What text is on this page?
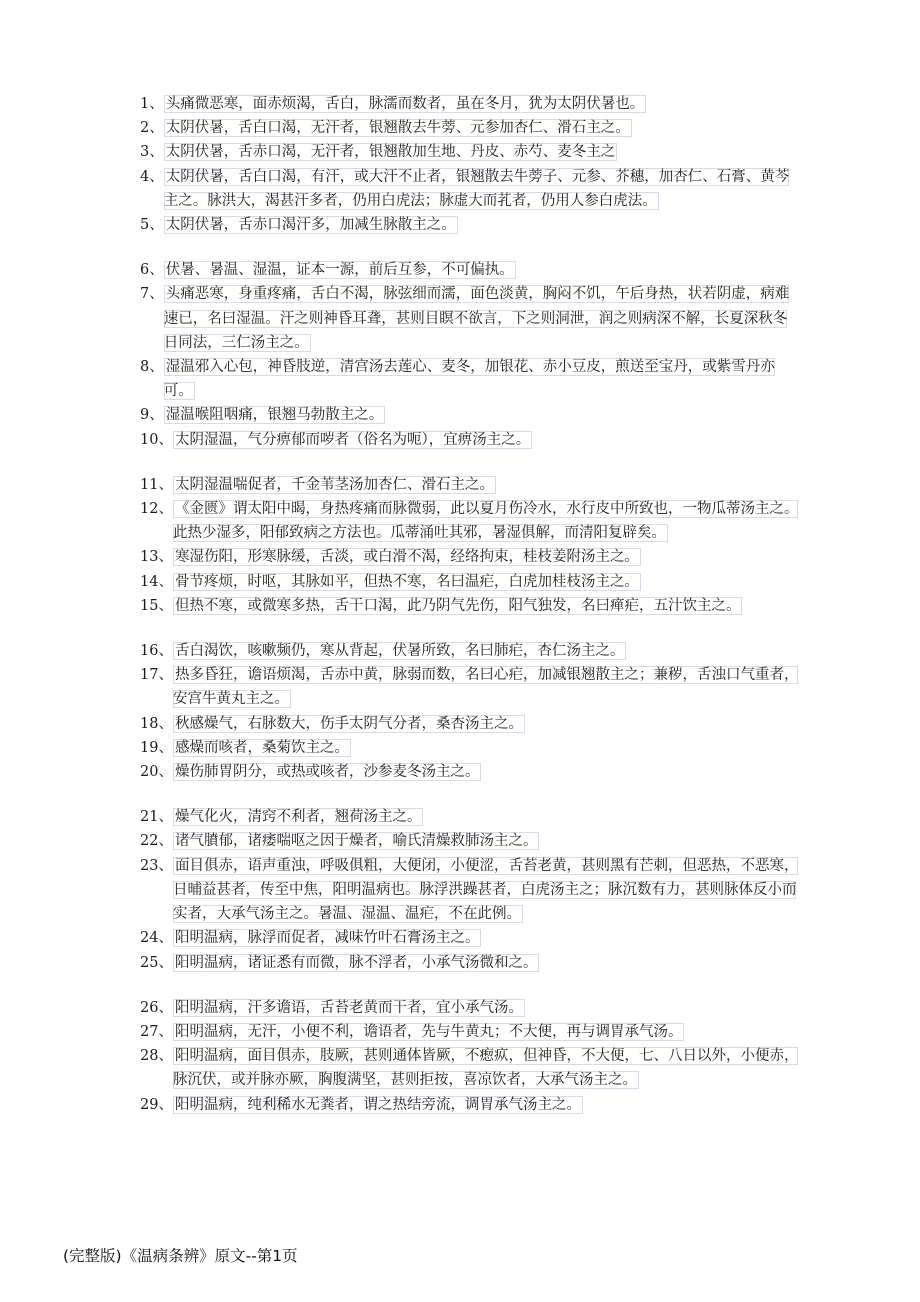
1、 头痛微恶寒，面赤烦渴，舌白，脉濡而数者，虽在冬月，犹为太阴伏暑也。
2、 太阴伏暑，舌白口渴，无汗者，银翘散去牛蒡、元参加杏仁、滑石主之。
3、 太阴伏暑，舌赤口渴，无汗者，银翘散加生地、丹皮、赤芍、麦冬主之
4、 太阴伏暑，舌白口渴，有汗，或大汗不止者，银翘散去牛蒡子、元参、芥穗，加杏仁、石膏、黄芩主之。脉洪大，渴甚汗多者，仍用白虎法；脉虚大而芤者，仍用人参白虎法。
5、 太阴伏暑，舌赤口渴汗多，加减生脉散主之。
6、 伏暑、暑温、湿温，证本一源，前后互参，不可偏执。
7、 头痛恶寒，身重疼痛，舌白不渴，脉弦细而濡，面色淡黄，胸闷不饥，午后身热，状若阴虚，病难速已，名曰湿温。汗之则神昏耳聋，甚则目瞑不欲言，下之则洞泄，润之则病深不解，长夏深秋冬日同法，三仁汤主之。
8、 湿温邪入心包，神昏肢逆，清宫汤去莲心、麦冬，加银花、赤小豆皮，煎送至宝丹，或紫雪丹亦可。
9、 湿温喉阻咽痛，银翘马勃散主之。
10、 太阴湿温，气分痹郁而哕者（俗名为呃），宜痹汤主之。
11、 太阴湿温喘促者，千金苇茎汤加杏仁、滑石主之。
12、 《金匮》谓太阳中暍，身热疼痛而脉微弱，此以夏月伤冷水，水行皮中所致也，一物瓜蒂汤主之。此热少湿多，阳郁致病之方法也。瓜蒂涌吐其邪，暑湿俱解，而清阳复辟矣。
13、 寒湿伤阳，形寒脉缓，舌淡，或白滑不渴，经络拘束，桂枝姜附汤主之。
14、 骨节疼烦，时呕，其脉如平，但热不寒，名曰温疟，白虎加桂枝汤主之。
15、 但热不寒，或微寒多热，舌干口渴，此乃阴气先伤，阳气独发，名曰瘅疟，五汁饮主之。
16、 舌白渴饮，咳嗽频仍，寒从背起，伏暑所致，名曰肺疟，杏仁汤主之。
17、 热多昏狂，谵语烦渴，舌赤中黄，脉弱而数，名曰心疟，加减银翘散主之；兼秽，舌浊口气重者，安宫牛黄丸主之。
18、 秋感燥气，右脉数大，伤手太阴气分者，桑杏汤主之。
19、 感燥而咳者，桑菊饮主之。
20、 燥伤肺胃阴分，或热或咳者，沙参麦冬汤主之。
21、 燥气化火，清窍不利者，翘荷汤主之。
22、 诸气膹郁，诸痿喘呕之因于燥者，喻氏清燥救肺汤主之。
23、 面目俱赤，语声重浊，呼吸俱粗，大便闭，小便涩，舌苔老黄，甚则黑有芒刺，但恶热，不恶寒，日晡益甚者，传至中焦，阳明温病也。脉浮洪躁甚者，白虎汤主之；脉沉数有力，甚则脉体反小而实者，大承气汤主之。暑温、湿温、温疟，不在此例。
24、 阳明温病，脉浮而促者，减味竹叶石膏汤主之。
25、 阳明温病，诸证悉有而微，脉不浮者，小承气汤微和之。
26、 阳明温病，汗多谵语，舌苔老黄而干者，宜小承气汤。
27、 阳明温病，无汗，小便不利，谵语者，先与牛黄丸；不大便，再与调胃承气汤。
28、 阳明温病，面目俱赤，肢厥，甚则通体皆厥，不瘛疭，但神昏，不大便，七、八日以外，小便赤，脉沉伏，或并脉亦厥，胸腹满坚，甚则拒按，喜凉饮者，大承气汤主之。
29、 阳明温病，纯利稀水无粪者，谓之热结旁流，调胃承气汤主之。
(完整版)《温病条辨》原文--第1页
